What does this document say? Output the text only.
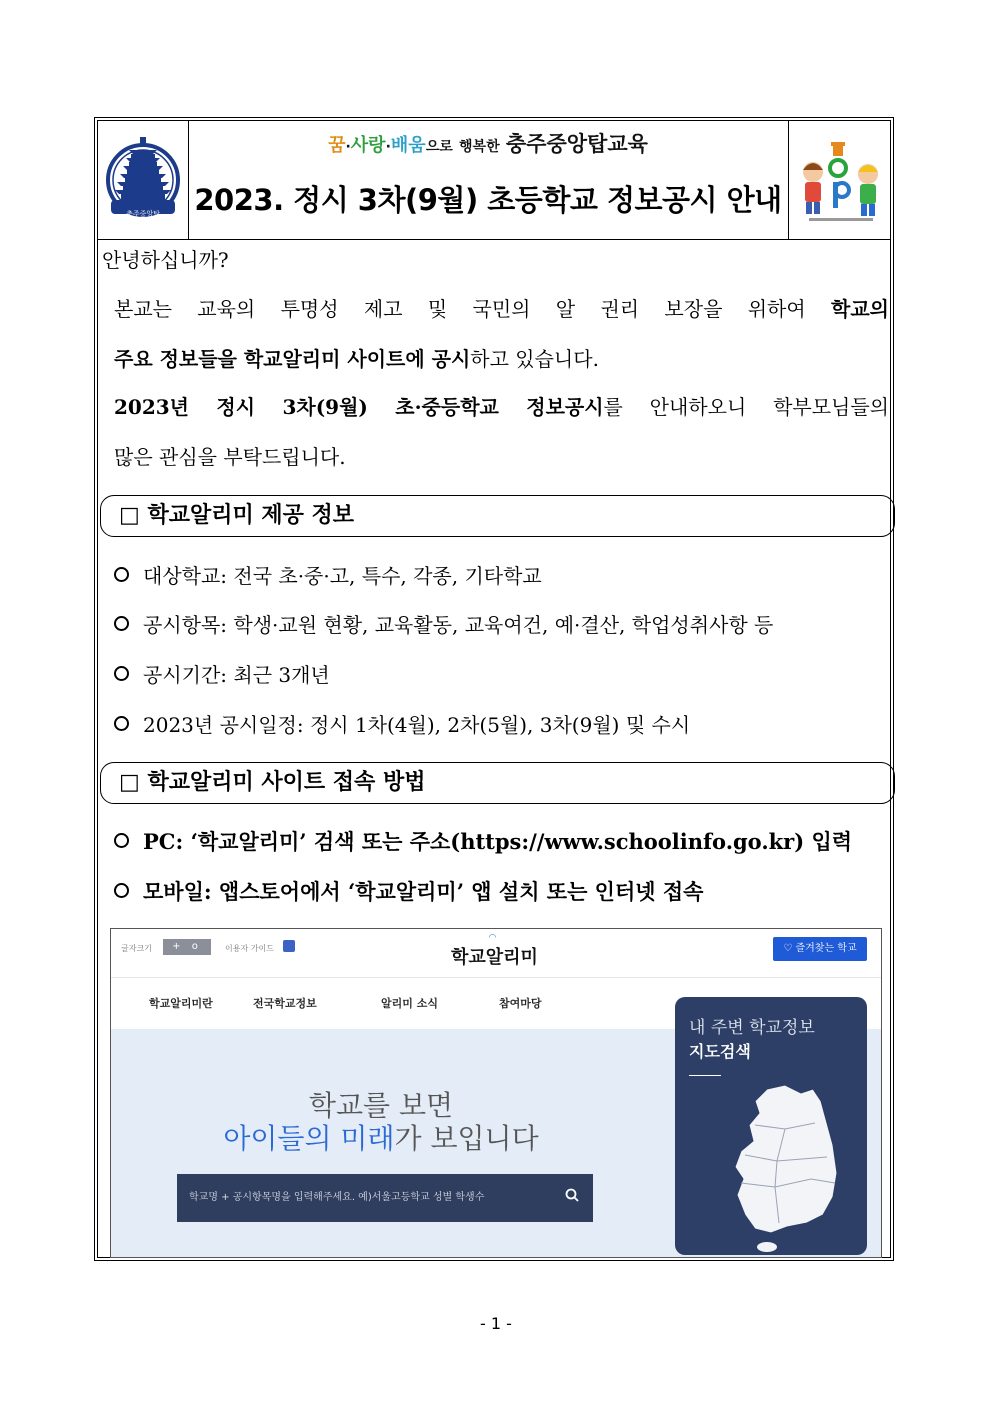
충주중앙탑
꿈·사랑·배움으로 행복한 충주중앙탑교육
2023. 정시 3차(9월) 초등학교 정보공시 안내
안녕하십니까?
본교는 교육의 투명성 제고 및 국민의 알 권리 보장을 위하여 학교의
주요 정보들을 학교알리미 사이트에 공시하고 있습니다.
2023년 정시 3차(9월) 초·중등학교 정보공시를 안내하오니 학부모님들의
많은 관심을 부탁드립니다.
□ 학교알리미 제공 정보
대상학교: 전국 초·중·고, 특수, 각종, 기타학교
공시항목: 학생·교원 현황, 교육활동, 교육여건, 예·결산, 학업성취사항 등
공시기간: 최근 3개년
2023년 공시일정: 정시 1차(4월), 2차(5월), 3차(9월) 및 수시
□ 학교알리미 사이트 접속 방법
PC: ‘학교알리미’ 검색 또는 주소(https://www.schoolinfo.go.kr) 입력
모바일: 앱스토어에서 ‘학교알리미’ 앱 설치 또는 인터넷 접속
글자크기	+ o −
이용자 가이드
◠
학교알리미	♡ 즐겨찾는 학교
학교알리미란	전국학교정보	알리미 소식	참여마당
학교를 보면
아이들의 미래가 보입니다
학교명 + 공시항목명을 입력해주세요. 예)서울고등학교 성별 학생수
내 주변 학교정보
지도검색
- 1 -
